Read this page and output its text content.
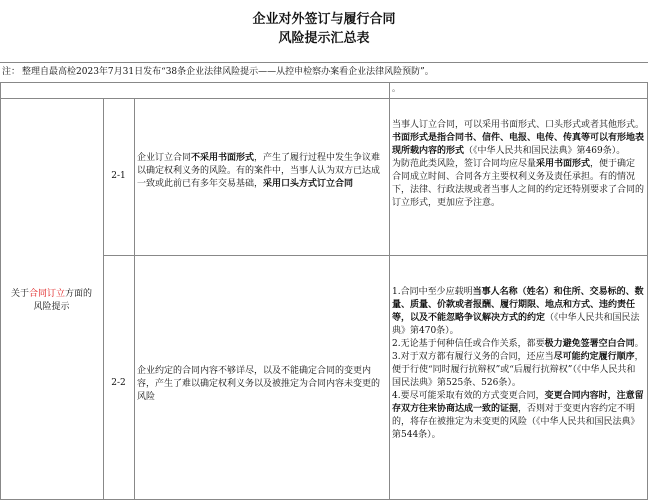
企业对外签订与履行合同
风险提示汇总表
注： 整理自最高检2023年7月31日发布“38条企业法律风险提示——从控申检察办案看企业法律风险预防”。
。
关于合同订立方面的
风险提示
2-1
企业订立合同不采用书面形式，产生了履行过程中发生争议难以确定权利义务的风险。有的案件中，当事人认为双方已达成一致或此前已有多年交易基础，采用口头方式订立合同
当事人订立合同，可以采用书面形式、口头形式或者其他形式。书面形式是指合同书、信件、电报、电传、传真等可以有形地表现所载内容的形式（《中华人民共和国民法典》第469条）。
为防范此类风险，签订合同均应尽量采用书面形式，便于确定合同成立时间、合同各方主要权利义务及责任承担。有的情况下，法律、行政法规或者当事人之间的约定还特别要求了合同的订立形式，更加应予注意。
2-2
企业约定的合同内容不够详尽，以及不能确定合同的变更内容，产生了难以确定权利义务以及被推定为合同内容未变更的风险
1.合同中至少应载明当事人名称（姓名）和住所、交易标的、数量、质量、价款或者报酬、履行期限、地点和方式、违约责任等，以及不能忽略争议解决方式的约定（《中华人民共和国民法典》第470条）。
2.无论基于何种信任或合作关系，都要极力避免签署空白合同。
3.对于双方都有履行义务的合同，还应当尽可能约定履行顺序，便于行使“同时履行抗辩权”或“后履行抗辩权”（《中华人民共和国民法典》第525条、526条）。
4.要尽可能采取有效的方式变更合同，变更合同内容时，注意留存双方往来协商达成一致的证据，否则对于变更内容约定不明的，将存在被推定为未变更的风险（《中华人民共和国民法典》第544条）。
